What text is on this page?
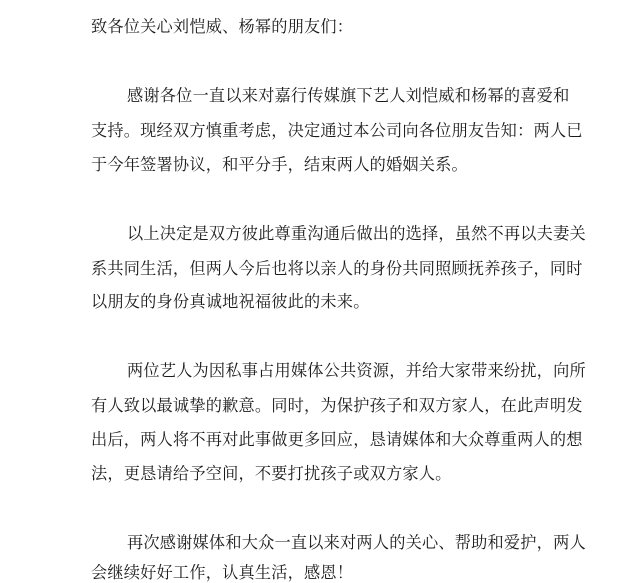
致各位关心刘恺威、杨幂的朋友们：
感谢各位一直以来对嘉行传媒旗下艺人刘恺威和杨幂的喜爱和
支持。现经双方慎重考虑，决定通过本公司向各位朋友告知：两人已
于今年签署协议，和平分手，结束两人的婚姻关系。
以上决定是双方彼此尊重沟通后做出的选择，虽然不再以夫妻关
系共同生活，但两人今后也将以亲人的身份共同照顾抚养孩子，同时
以朋友的身份真诚地祝福彼此的未来。
两位艺人为因私事占用媒体公共资源，并给大家带来纷扰，向所
有人致以最诚挚的歉意。同时，为保护孩子和双方家人，在此声明发
出后，两人将不再对此事做更多回应，恳请媒体和大众尊重两人的想
法，更恳请给予空间，不要打扰孩子或双方家人。
再次感谢媒体和大众一直以来对两人的关心、帮助和爱护，两人
会继续好好工作，认真生活，感恩！
